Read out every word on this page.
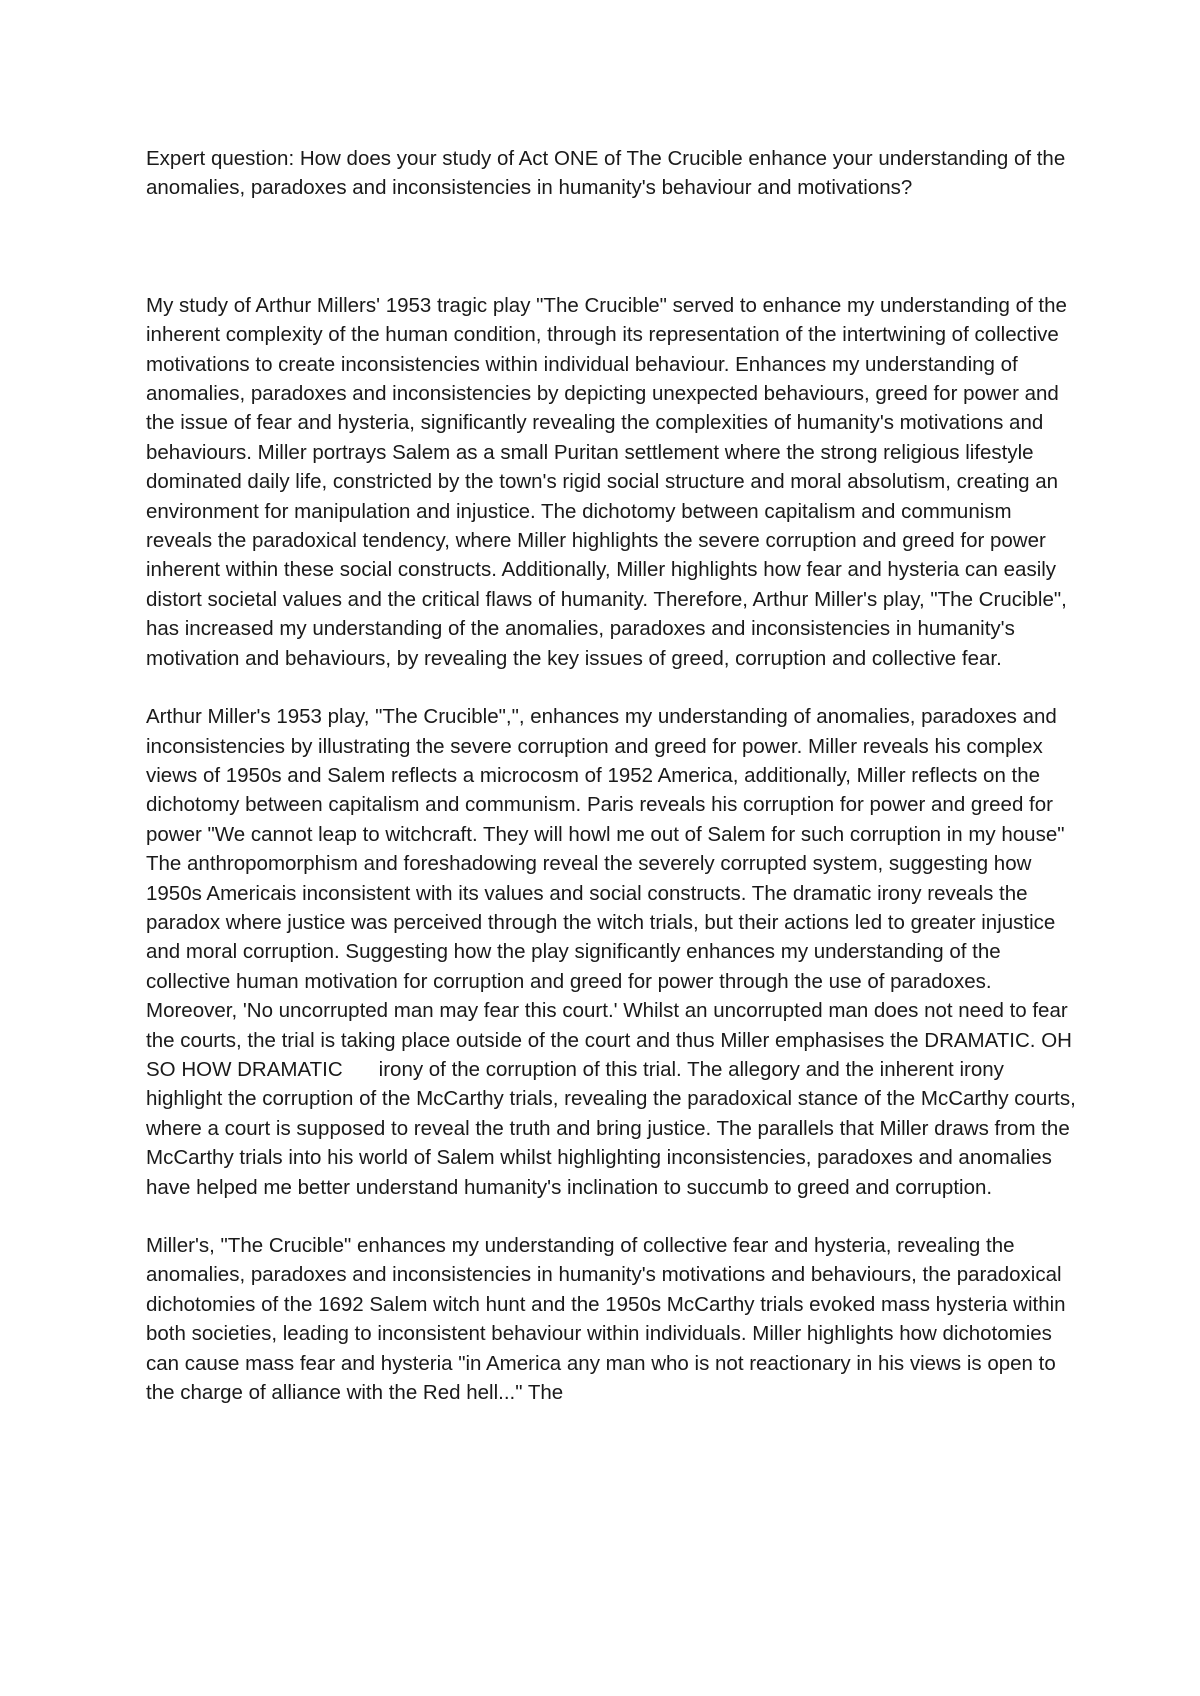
Expert question: How does your study of Act ONE of The Crucible enhance your understanding of the anomalies, paradoxes and inconsistencies in humanity's behaviour and motivations?

My study of Arthur Millers' 1953 tragic play "The Crucible" served to enhance my understanding of the inherent complexity of the human condition, through its representation of the intertwining of collective motivations to create inconsistencies within individual behaviour. Enhances my understanding of anomalies, paradoxes and inconsistencies by depicting unexpected behaviours, greed for power and the issue of fear and hysteria, significantly revealing the complexities of humanity's motivations and behaviours. Miller portrays Salem as a small Puritan settlement where the strong religious lifestyle dominated daily life, constricted by the town's rigid social structure and moral absolutism, creating an environment for manipulation and injustice. The dichotomy between capitalism and communism reveals the paradoxical tendency, where Miller highlights the severe corruption and greed for power inherent within these social constructs. Additionally, Miller highlights how fear and hysteria can easily distort societal values and the critical flaws of humanity. Therefore, Arthur Miller's play, "The Crucible", has increased my understanding of the anomalies, paradoxes and inconsistencies in humanity's motivation and behaviours, by revealing the key issues of greed, corruption and collective fear.

Arthur Miller's 1953 play, "The Crucible",", enhances my understanding of anomalies, paradoxes and inconsistencies by illustrating the severe corruption and greed for power. Miller reveals his complex views of 1950s and Salem reflects a microcosm of 1952 America, additionally, Miller reflects on the dichotomy between capitalism and communism. Paris reveals his corruption for power and greed for power "We cannot leap to witchcraft. They will howl me out of Salem for such corruption in my house" The anthropomorphism and foreshadowing reveal the severely corrupted system, suggesting how 1950s Americais inconsistent with its values and social constructs. The dramatic irony reveals the paradox where justice was perceived through the witch trials, but their actions led to greater injustice and moral corruption. Suggesting how the play significantly enhances my understanding of the collective human motivation for corruption and greed for power through the use of paradoxes. Moreover, 'No uncorrupted man may fear this court.' Whilst an uncorrupted man does not need to fear the courts, the trial is taking place outside of the court and thus Miller emphasises the DRAMATIC. OH SO HOW DRAMATIC irony of the corruption of this trial. The allegory and the inherent irony highlight the corruption of the McCarthy trials, revealing the paradoxical stance of the McCarthy courts, where a court is supposed to reveal the truth and bring justice. The parallels that Miller draws from the McCarthy trials into his world of Salem whilst highlighting inconsistencies, paradoxes and anomalies have helped me better understand humanity's inclination to succumb to greed and corruption.

Miller's, "The Crucible" enhances my understanding of collective fear and hysteria, revealing the anomalies, paradoxes and inconsistencies in humanity's motivations and behaviours, the paradoxical dichotomies of the 1692 Salem witch hunt and the 1950s McCarthy trials evoked mass hysteria within both societies, leading to inconsistent behaviour within individuals. Miller highlights how dichotomies can cause mass fear and hysteria "in America any man who is not reactionary in his views is open to the charge of alliance with the Red hell..." The
